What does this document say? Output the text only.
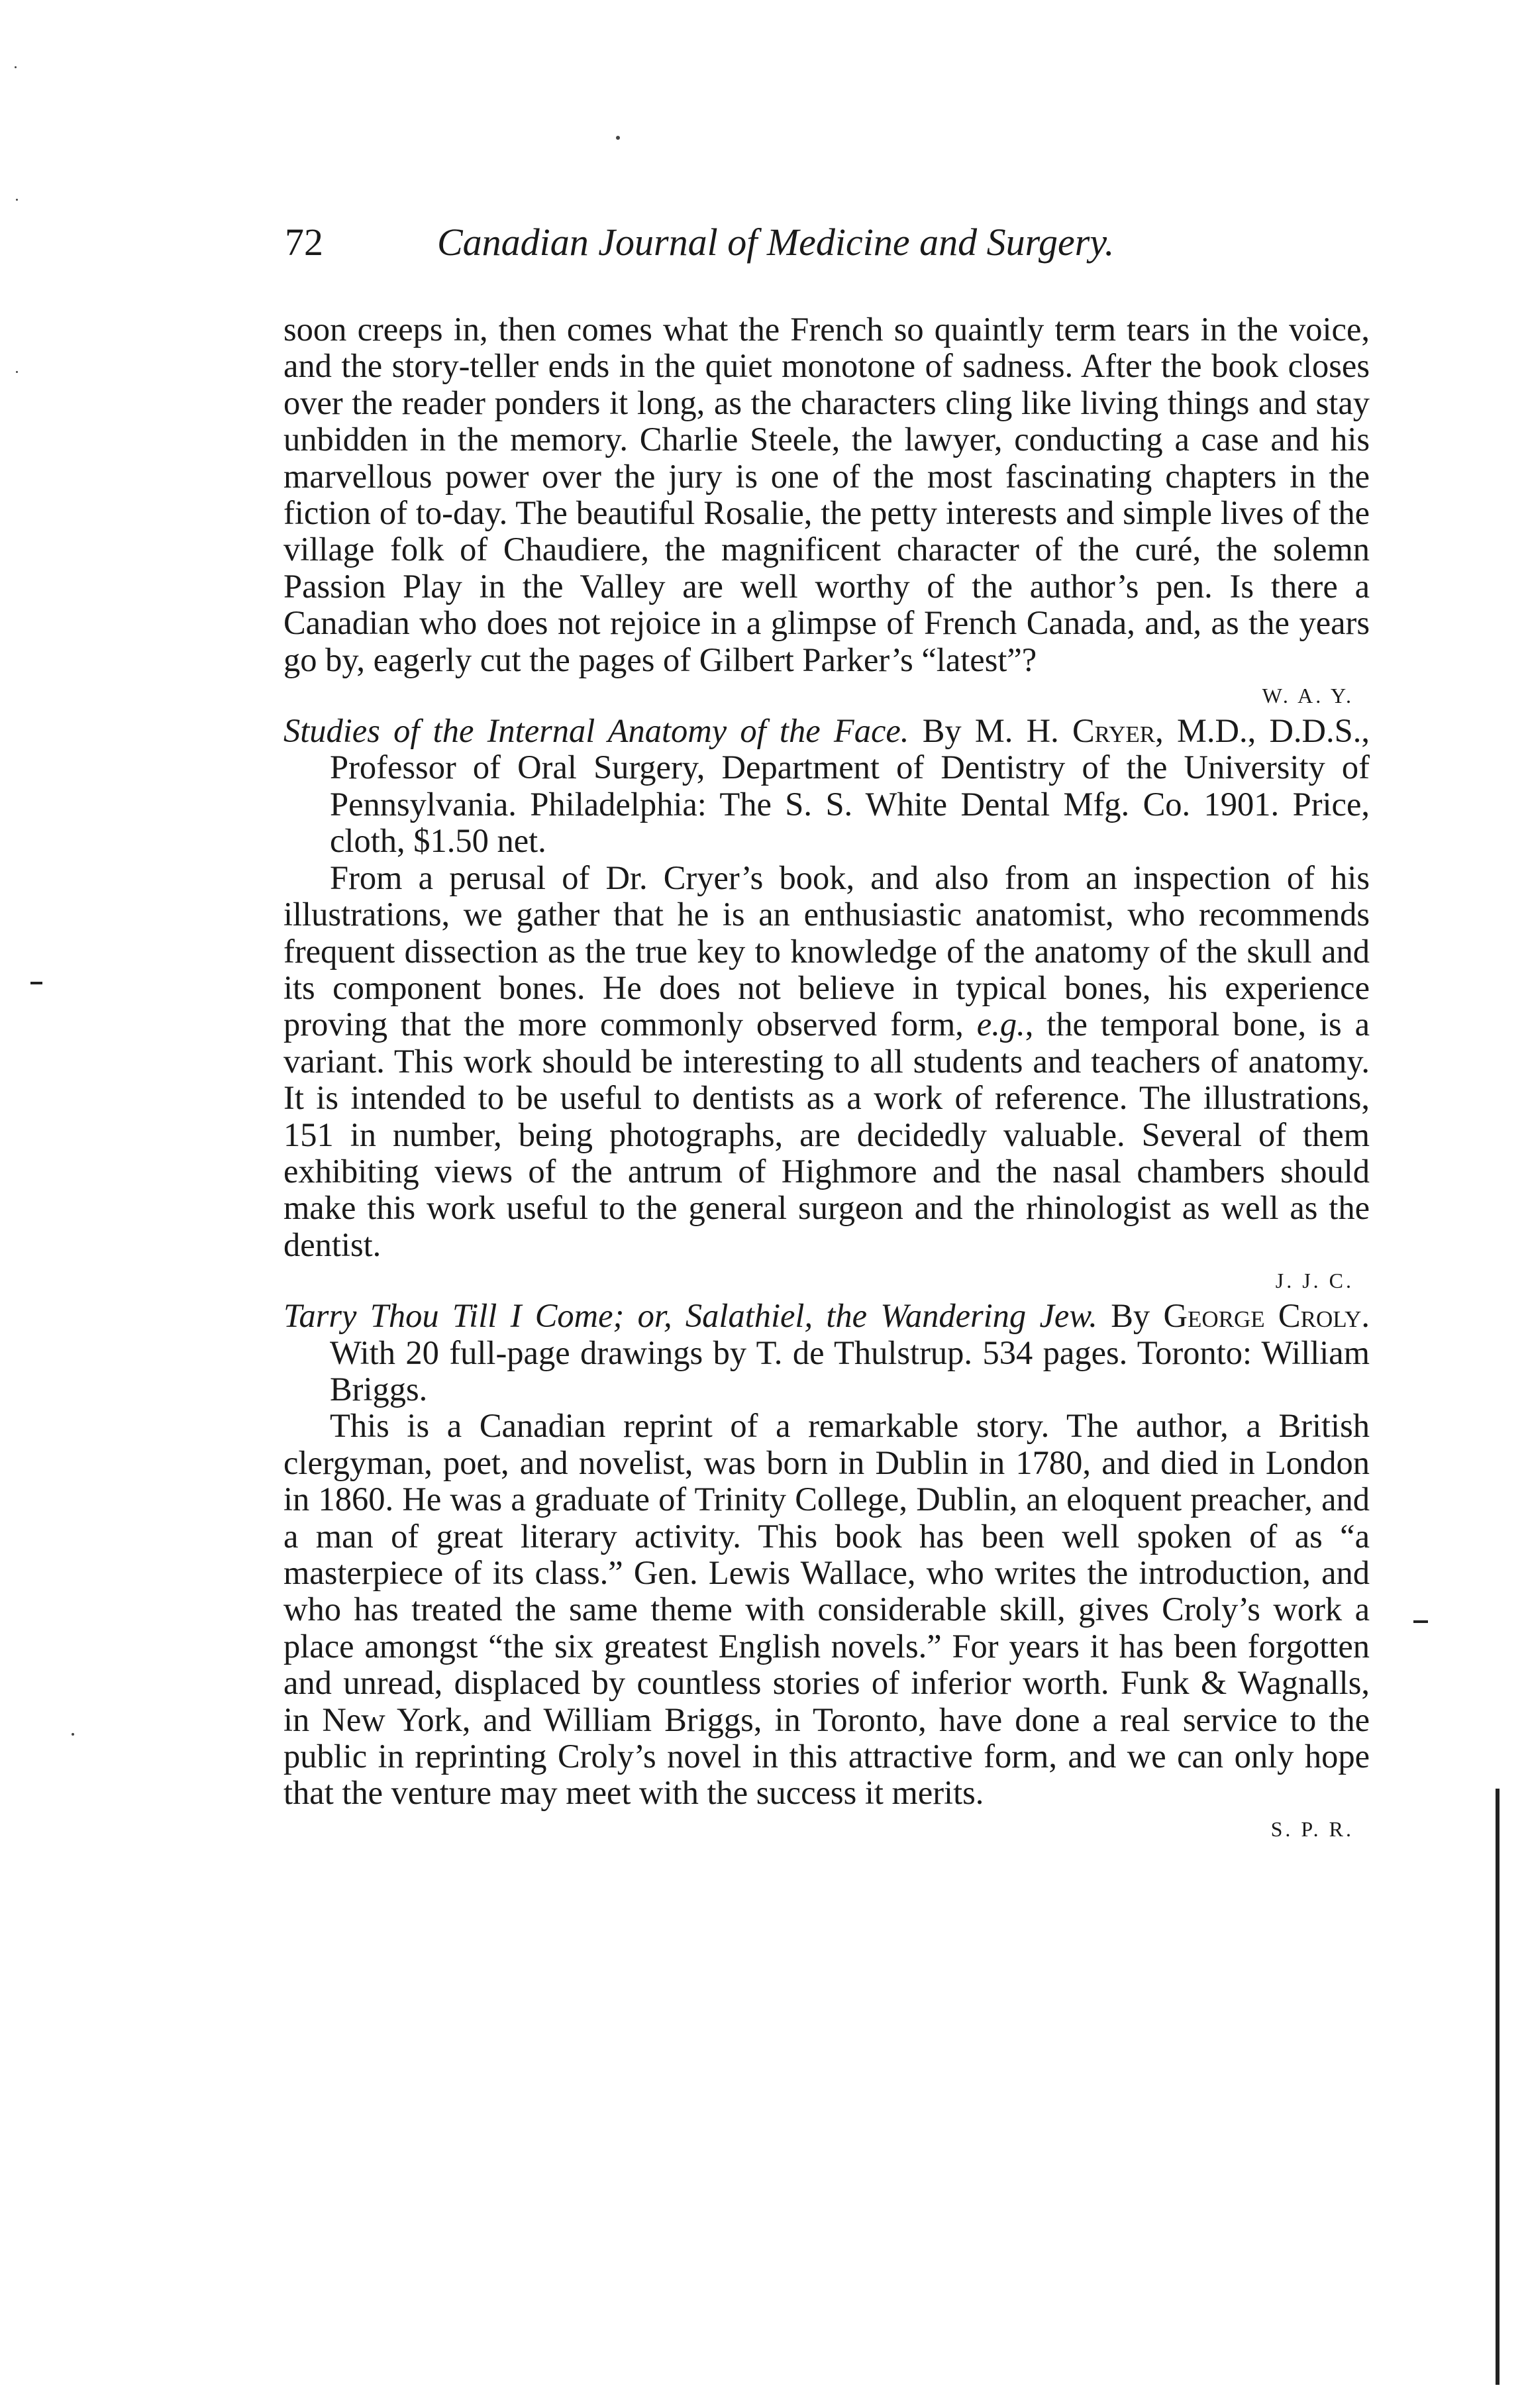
72	Canadian Journal of Medicine and Surgery.

soon creeps in, then comes what the French so quaintly term tears in the voice, and the story-teller ends in the quiet monotone of sadness. After the book closes over the reader ponders it long, as the characters cling like living things and stay unbidden in the memory. Charlie Steele, the lawyer, conducting a case and his marvellous power over the jury is one of the most fascinating chapters in the fiction of to-day. The beautiful Rosalie, the petty interests and simple lives of the village folk of Chaudiere, the magnificent character of the curé, the solemn Passion Play in the Valley are well worthy of the author’s pen. Is there a Canadian who does not rejoice in a glimpse of French Canada, and, as the years go by, eagerly cut the pages of Gilbert Parker’s “latest”?

W. A. Y.

Studies of the Internal Anatomy of the Face. By M. H. Cryer, M.D., D.D.S., Professor of Oral Surgery, Department of Dentistry of the University of Pennsylvania. Philadelphia: The S. S. White Dental Mfg. Co. 1901. Price, cloth, $1.50 net.

From a perusal of Dr. Cryer’s book, and also from an inspection of his illustrations, we gather that he is an enthusiastic anatomist, who recommends frequent dissection as the true key to knowledge of the anatomy of the skull and its component bones. He does not believe in typical bones, his experience proving that the more commonly observed form, e.g., the temporal bone, is a variant. This work should be interesting to all students and teachers of anatomy. It is intended to be useful to dentists as a work of reference. The illustrations, 151 in number, being photographs, are decidedly valuable. Several of them exhibiting views of the antrum of Highmore and the nasal chambers should make this work useful to the general surgeon and the rhinologist as well as the dentist.

J. J. C.

Tarry Thou Till I Come; or, Salathiel, the Wandering Jew. By George Croly. With 20 full-page drawings by T. de Thulstrup. 534 pages. Toronto: William Briggs.

This is a Canadian reprint of a remarkable story. The author, a British clergyman, poet, and novelist, was born in Dublin in 1780, and died in London in 1860. He was a graduate of Trinity College, Dublin, an eloquent preacher, and a man of great literary activity. This book has been well spoken of as “a masterpiece of its class.” Gen. Lewis Wallace, who writes the introduction, and who has treated the same theme with considerable skill, gives Croly’s work a place amongst “the six greatest English novels.” For years it has been forgotten and unread, displaced by countless stories of inferior worth. Funk & Wagnalls, in New York, and William Briggs, in Toronto, have done a real service to the public in reprinting Croly’s novel in this attractive form, and we can only hope that the venture may meet with the success it merits.

S. P. R.
